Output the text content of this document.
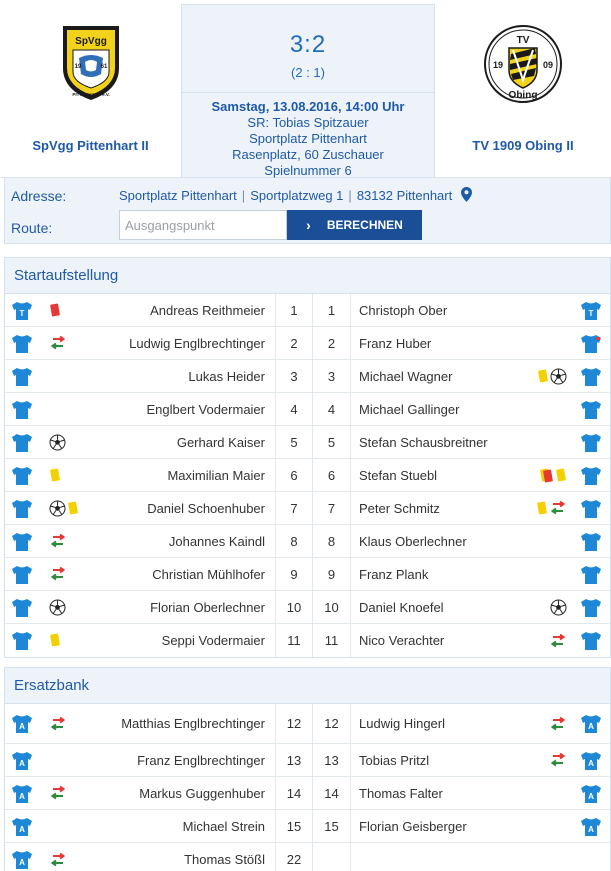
SpVgg
19	61
PITTENHART e.V.
SpVgg Pittenhart II
3:2
(2 : 1)
Samstag, 13.08.2016, 14:00 Uhr
SR: Tobias Spitzauer
Sportplatz Pittenhart
Rasenplatz, 60 Zuschauer
Spielnummer 6
TV
19	09
Obing
TV 1909 Obing II
Adresse:	Sportplatz Pittenhart | Sportplatzweg 1 | 83132 Pittenhart
Route:
Ausgangspunkt	› BERECHNEN
Startaufstellung
T	Andreas Reithmeier 1 1 Christoph Ober	T
Ludwig Englbrechtinger 2 2 Franz Huber
Lukas Heider 3 3 Michael Wagner
Englbert Vodermaier 4 4 Michael Gallinger
Gerhard Kaiser 5 5 Stefan Schausbreitner
Maximilian Maier 6 6 Stefan Stuebl
Daniel Schoenhuber 7 7 Peter Schmitz
Johannes Kaindl 8 8 Klaus Oberlechner
Christian Mühlhofer 9 9 Franz Plank
Florian Oberlechner 10 10 Daniel Knoefel
Seppi Vodermaier 11 11 Nico Verachter
Ersatzbank
A	Matthias Englbrechtinger 12 12 Ludwig Hingerl	A
A	Franz Englbrechtinger 13 13 Tobias Pritzl	A
A	Markus Guggenhuber 14 14 Thomas Falter	A
A	Michael Strein 15 15 Florian Geisberger	A
A	Thomas Stößl 22
